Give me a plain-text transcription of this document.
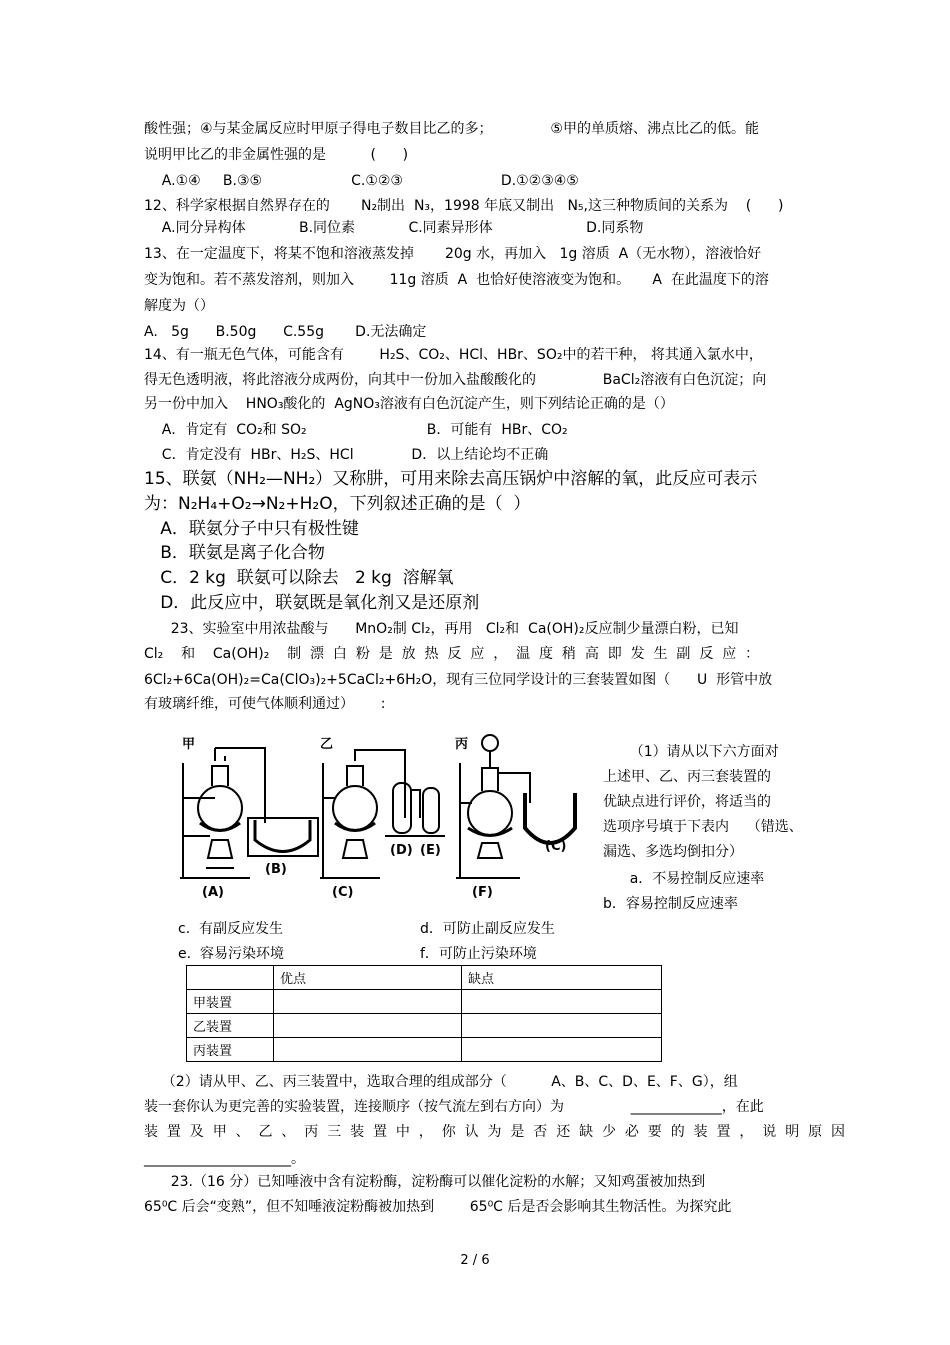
酸性强；④与某金属反应时甲原子得电子数目比乙的多；             ⑤甲的单质熔、沸点比乙的低。能
说明甲比乙的非金属性强的是          (      )
A.①④     B.③⑤                    C.①②③                      D.①②③④⑤
12、科学家根据自然界存在的       N₂制出  N₃，1998 年底又制出   N₅,这三种物质间的关系为    (      )
A.同分异构体            B.同位素            C.同素异形体                     D.同系物
13、在一定温度下，将某不饱和溶液蒸发掉       20g 水，再加入   1g 溶质  A（无水物），溶液恰好
变为饱和。若不蒸发溶剂，则加入        11g 溶质  A  也恰好使溶液变为饱和。     A  在此温度下的溶
解度为（）
A.   5g      B.50g      C.55g       D.无法确定
14、有一瓶无色气体，可能含有        H₂S、CO₂、HCl、HBr、SO₂中的若干种， 将其通入氯水中，
得无色透明液，将此溶液分成两份，向其中一份加入盐酸酸化的               BaCl₂溶液有白色沉淀；向
另一份中加入    HNO₃酸化的  AgNO₃溶液有白色沉淀产生，则下列结论正确的是（）
A．肯定有  CO₂和 SO₂                           B．可能有  HBr、CO₂
C．肯定没有  HBr、H₂S、HCl             D．以上结论均不正确
15、联氨（NH₂—NH₂）又称肼，可用来除去高压锅炉中溶解的氧，此反应可表示
为：N₂H₄+O₂→N₂+H₂O，下列叙述正确的是（  ）
A．联氨分子中只有极性键
B．联氨是离子化合物
C．2 kg  联氨可以除去   2 kg  溶解氧
D．此反应中，联氨既是氧化剂又是还原剂
23、实验室中用浓盐酸与      MnO₂制 Cl₂，再用   Cl₂和  Ca(OH)₂反应制少量漂白粉，已知
Cl₂    和    Ca(OH)₂    制  漂  白  粉  是  放  热  反  应  ，  温  度  稍  高  即  发  生  副  反  应  ：
6Cl₂+6Ca(OH)₂=Ca(ClO₃)₂+5CaCl₂+6H₂O，现有三位同学设计的三套装置如图（      U  形管中放
有玻璃纤维，可使气体顺利通过）      :
甲
(A)
(B)
乙
(C)
(D) (E)
丙
(F)
(C)
（1）请从以下六方面对
上述甲、乙、丙三套装置的
优缺点进行评价，将适当的
选项序号填于下表内    （错选、
漏选、多选均倒扣分）
a．不易控制反应速率
b．容易控制反应速率
c.  有副反应发生	d．可防止副反应发生
e.  容易污染环境	f．可防止污染环境
	优点	缺点
甲装置		
乙装置		
丙装置		
（2）请从甲、乙、丙三装置中，选取合理的组成部分（          A、B、C、D、E、F、G），组
装一套你认为更完善的实验装置，连接顺序（按气流左到右方向）为               _____________，在此
装  置  及  甲  、  乙  、  丙  三  装  置  中  ，  你  认  为  是  否  还  缺  少  必  要  的  装  置  ，  说  明  原  因
_____________________。
23.（16 分）已知唾液中含有淀粉酶，淀粉酶可以催化淀粉的水解；又知鸡蛋被加热到
65⁰C 后会“变熟”，但不知唾液淀粉酶被加热到        65⁰C 后是否会影响其生物活性。为探究此
2 / 6
